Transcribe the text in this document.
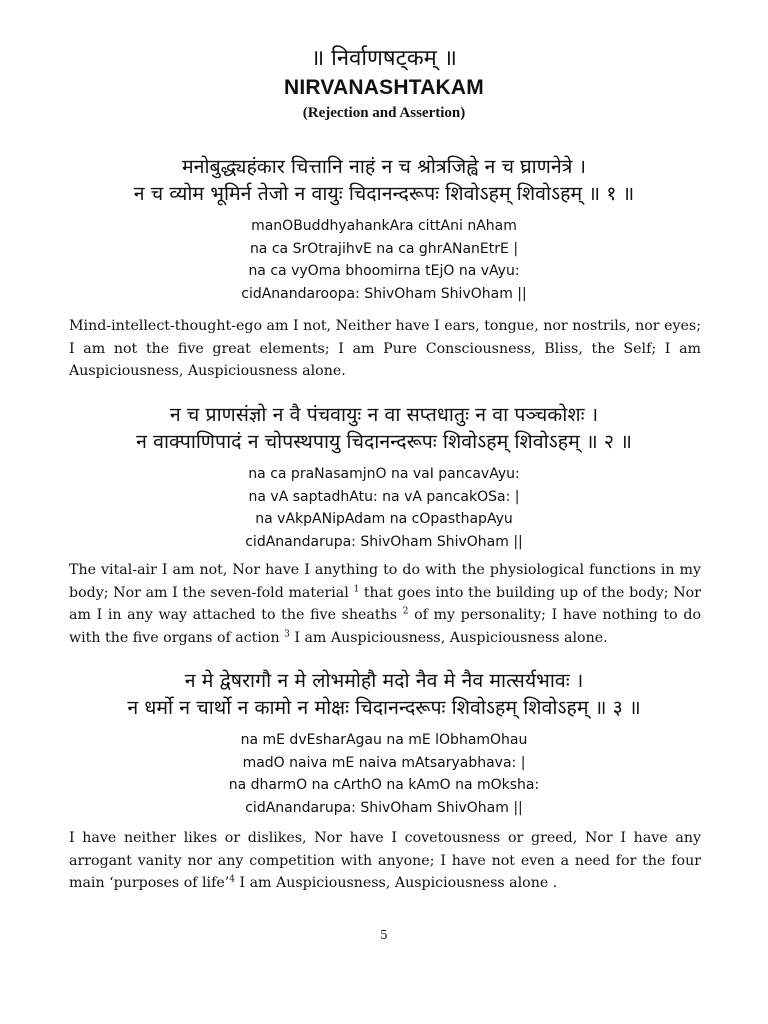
॥ निर्वाणषट्कम् ॥
NIRVANASHTAKAM
(Rejection and Assertion)
मनोबुद्ध्यहंकार चित्तानि नाहं न च श्रोत्रजिह्वे न च घ्राणनेत्रे ।
न च व्योम भूमिर्न तेजो न वायुः चिदानन्दरूपः शिवोऽहम् शिवोऽहम् ॥ १ ॥
manOBuddhyahankAra cittAni nAham
na ca SrOtrajihvE na ca ghrANanEtrE |
na ca vyOma bhoomirna tEjO na vAyu:
cidAnandaroopa: ShivOham ShivOham ||
Mind-intellect-thought-ego am I not, Neither have I ears, tongue, nor nostrils, nor eyes; I am not the five great elements; I am Pure Consciousness, Bliss, the Self; I am Auspiciousness, Auspiciousness alone.
न च प्राणसंज्ञो न वै पंचवायुः न वा सप्तधातुः न वा पञ्चकोशः ।
न वाक्पाणिपादं न चोपस्थपायु चिदानन्दरूपः शिवोऽहम् शिवोऽहम् ॥ २ ॥
na ca praNasamjnO na vaI pancavAyu:
na vA saptadhAtu: na vA pancakOSa: |
na vAkpANipAdam na cOpasthapAyu
cidAnandarupa: ShivOham ShivOham ||
The vital-air I am not, Nor have I anything to do with the physiological functions in my body; Nor am I the seven-fold material $^1$ that goes into the building up of the body; Nor am I in any way attached to the five sheaths $^2$ of my personality; I have nothing to do with the five organs of action $^3$ I am Auspiciousness, Auspiciousness alone.
न मे द्वेषरागौ न मे लोभमोहौ मदो नैव मे नैव मात्सर्यभावः ।
न धर्मो न चार्थो न कामो न मोक्षः चिदानन्दरूपः शिवोऽहम् शिवोऽहम् ॥ ३ ॥
na mE dvEsharAgau na mE lObhamOhau
madO naiva mE naiva mAtsaryabhava: |
na dharmO na cArthO na kAmO na mOksha:
cidAnandarupa: ShivOham ShivOham ||
I have neither likes or dislikes, Nor have I covetousness or greed, Nor I have any arrogant vanity nor any competition with anyone; I have not even a need for the four main ‘purposes of life’$^4$ I am Auspiciousness, Auspiciousness alone .
5
